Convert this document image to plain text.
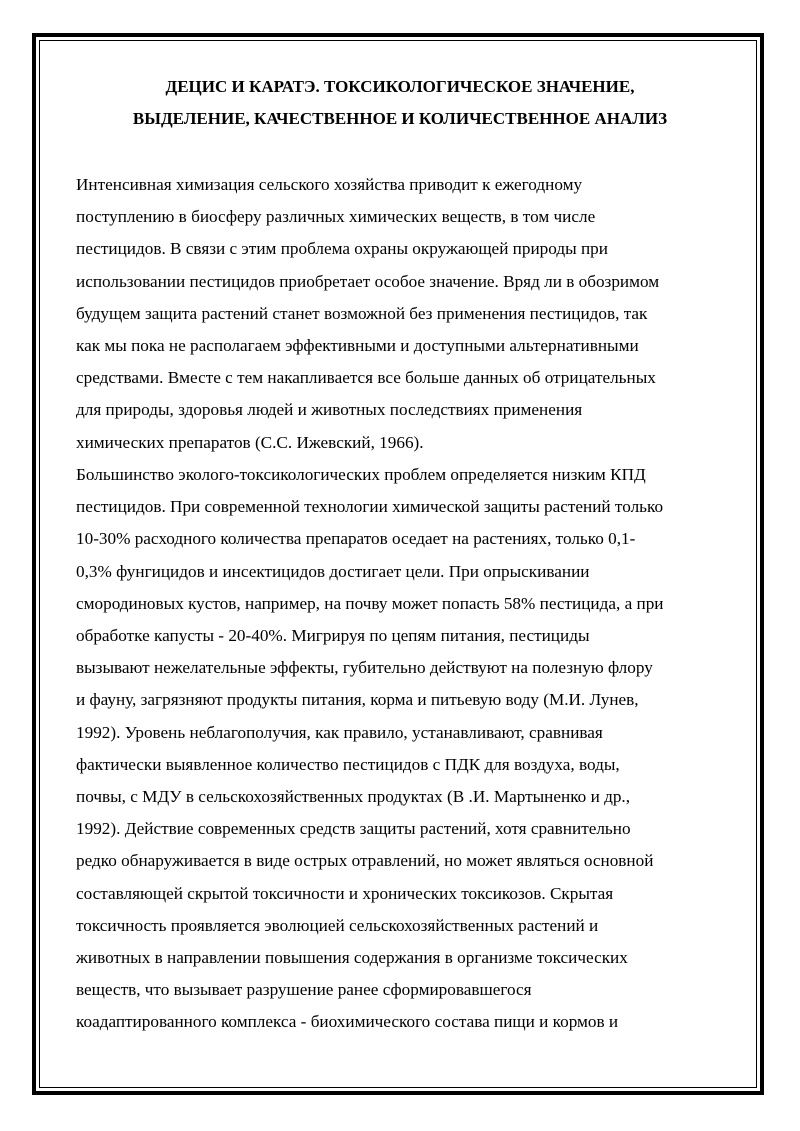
ДЕЦИС И КАРАТЭ. ТОКСИКОЛОГИЧЕСКОЕ ЗНАЧЕНИЕ,
ВЫДЕЛЕНИЕ, КАЧЕСТВЕННОЕ И КОЛИЧЕСТВЕННОЕ АНАЛИЗ

Интенсивная химизация сельского хозяйства приводит к ежегодному
поступлению в биосферу различных химических веществ, в том числе
пестицидов. В связи с этим проблема охраны окружающей природы при
использовании пестицидов приобретает особое значение. Вряд ли в обозримом
будущем защита растений станет возможной без применения пестицидов, так
как мы пока не располагаем эффективными и доступными альтернативными
средствами. Вместе с тем накапливается все больше данных об отрицательных
для природы, здоровья людей и животных последствиях применения
химических препаратов (С.С. Ижевский, 1966).

Большинство эколого-токсикологических проблем определяется низким КПД
пестицидов. При современной технологии химической защиты растений только
10-30% расходного количества препаратов оседает на растениях, только 0,1-
0,3% фунгицидов и инсектицидов достигает цели. При опрыскивании
смородиновых кустов, например, на почву может попасть 58% пестицида, а при
обработке капусты - 20-40%. Мигрируя по цепям питания, пестициды
вызывают нежелательные эффекты, губительно действуют на полезную флору
и фауну, загрязняют продукты питания, корма и питьевую воду (М.И. Лунев,
1992). Уровень неблагополучия, как правило, устанавливают, сравнивая
фактически выявленное количество пестицидов с ПДК для воздуха, воды,
почвы, с МДУ в сельскохозяйственных продуктах (В .И. Мартыненко и др.,
1992). Действие современных средств защиты растений, хотя сравнительно
редко обнаруживается в виде острых отравлений, но может являться основной
составляющей скрытой токсичности и хронических токсикозов. Скрытая
токсичность проявляется эволюцией сельскохозяйственных растений и
животных в направлении повышения содержания в организме токсических
веществ, что вызывает разрушение ранее сформировавшегося
коадаптированного комплекса - биохимического состава пищи и кормов и
